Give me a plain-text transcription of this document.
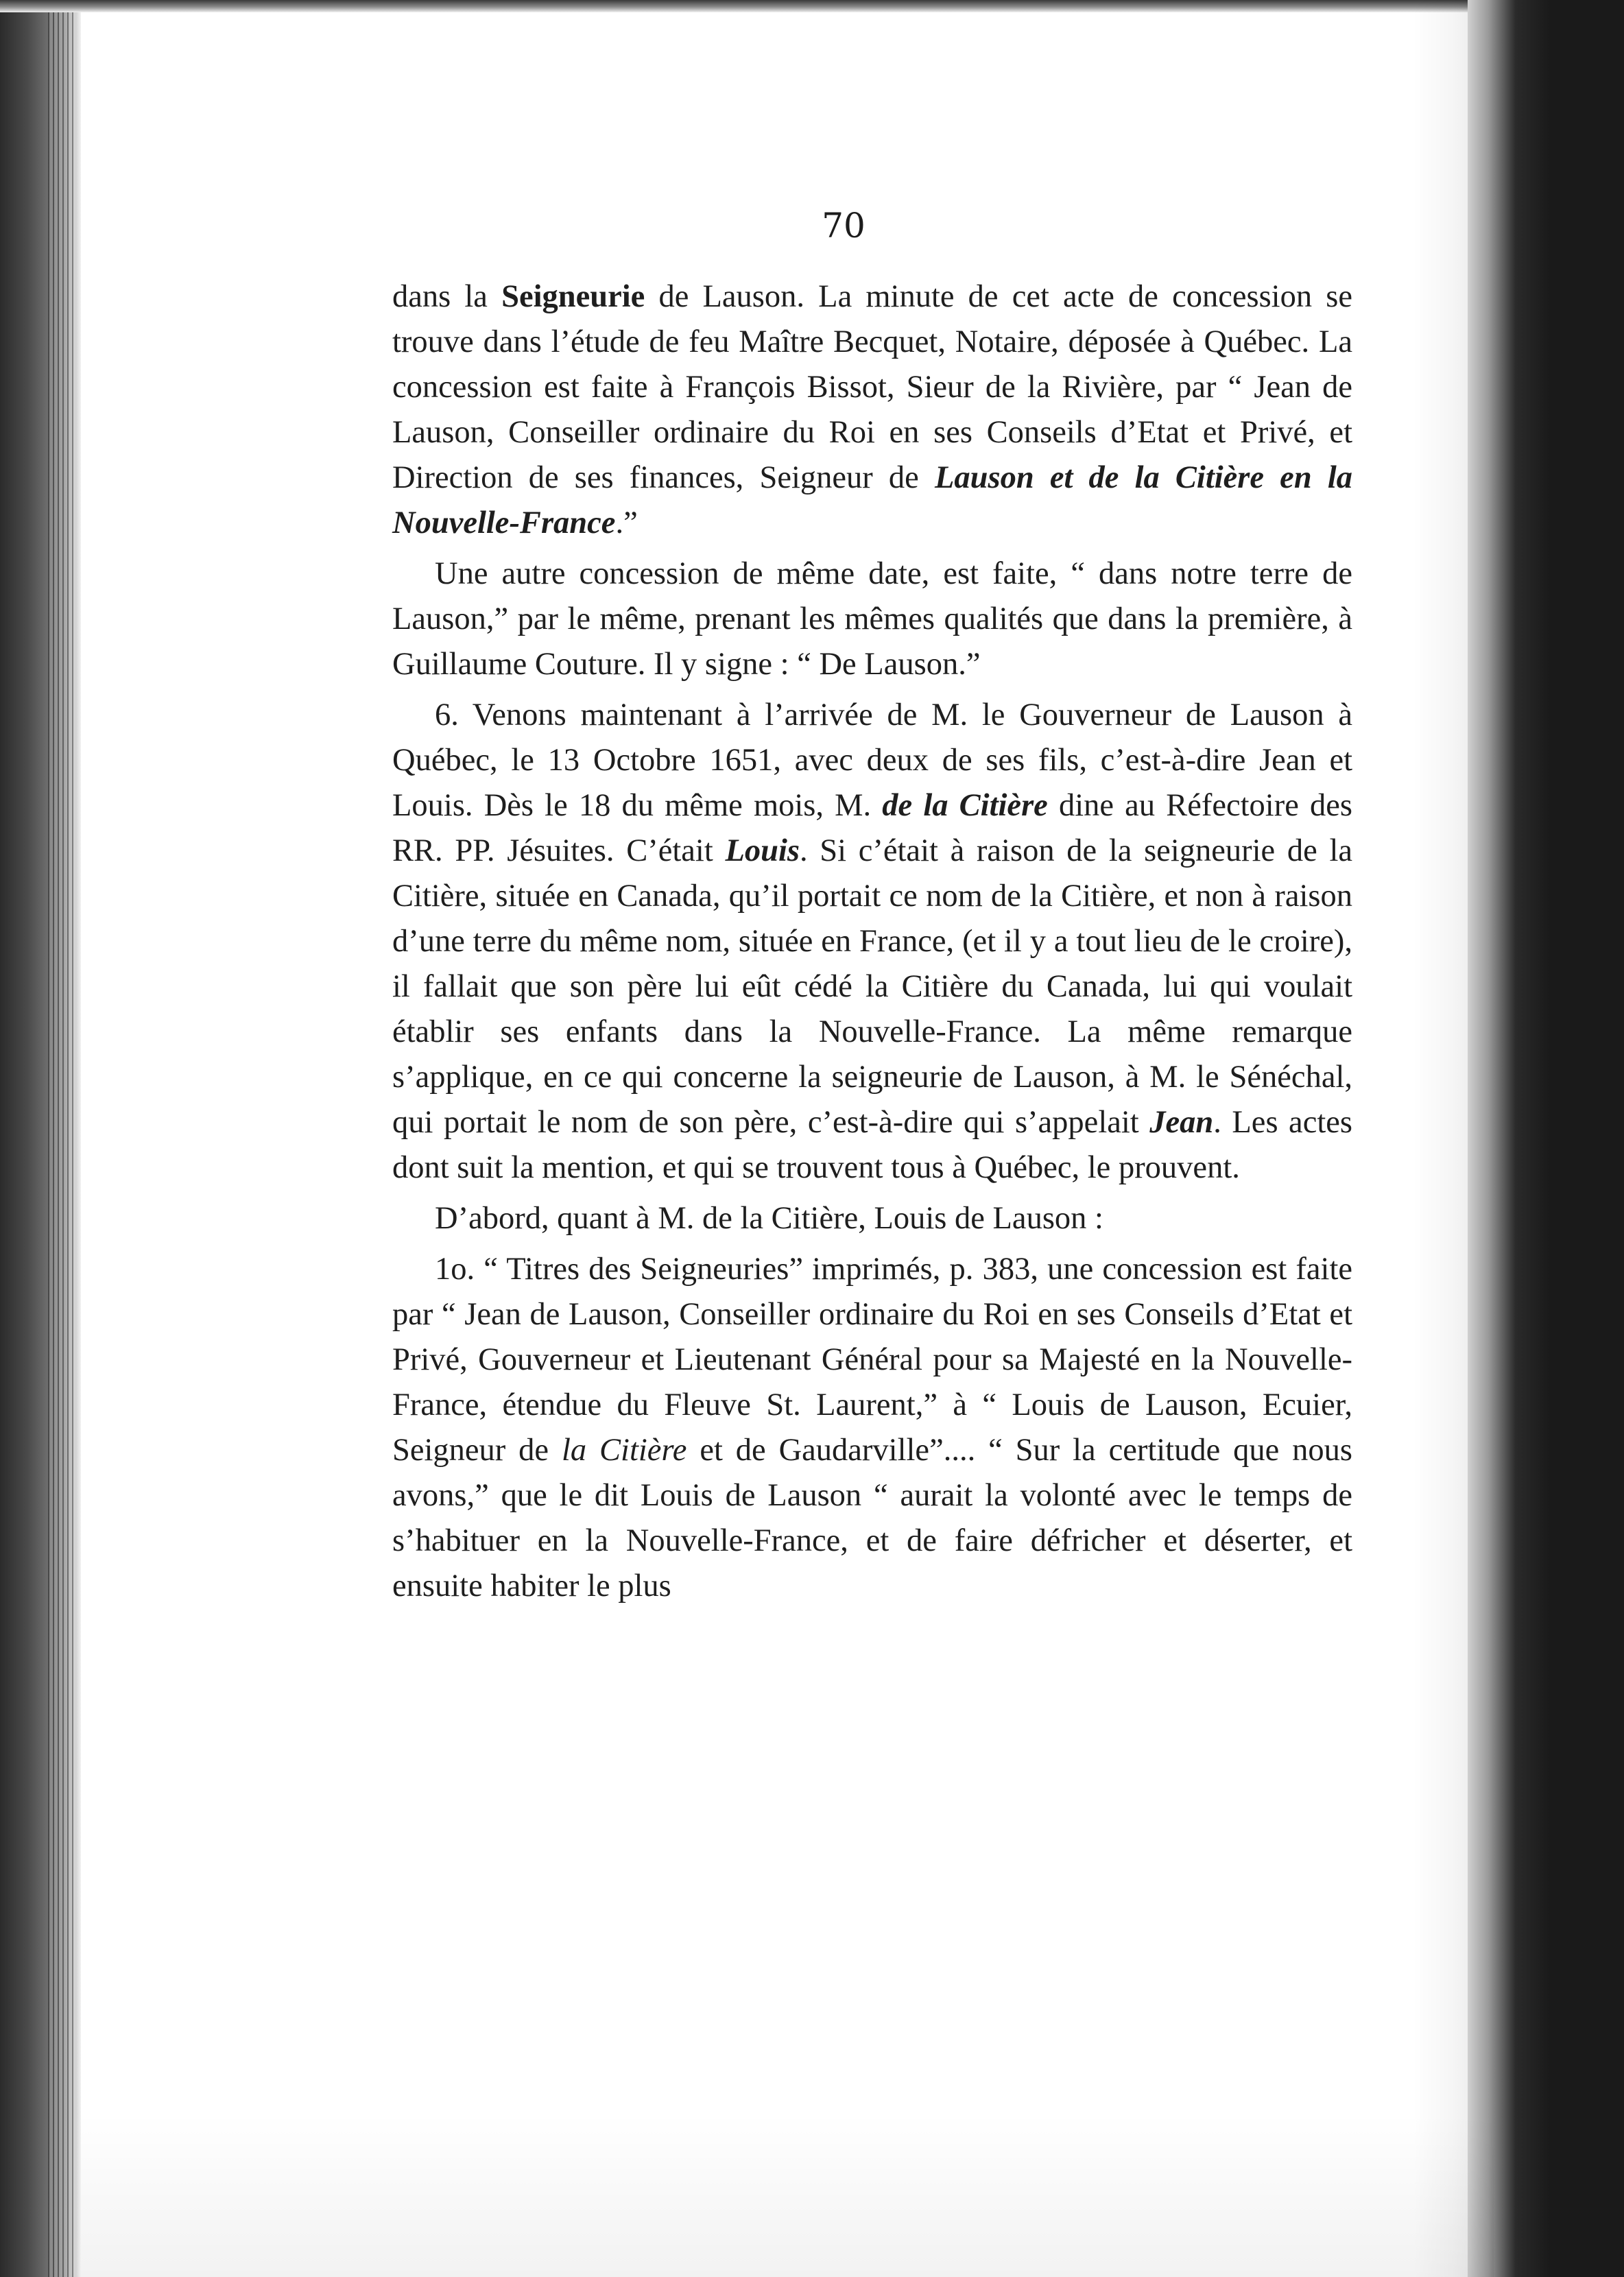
70

dans la Seigneurie de Lauson. La minute de cet acte de concession se trouve dans l’étude de feu Maître Becquet, Notaire, déposée à Québec. La concession est faite à François Bissot, Sieur de la Rivière, par “ Jean de Lauson, Conseiller ordinaire du Roi en ses Conseils d’Etat et Privé, et Direction de ses finances, Seigneur de Lauson et de la Citière en la Nouvelle-France.”

Une autre concession de même date, est faite, “ dans notre terre de Lauson,” par le même, prenant les mêmes qualités que dans la première, à Guillaume Couture. Il y signe : “ De Lauson.”

6. Venons maintenant à l’arrivée de M. le Gouverneur de Lauson à Québec, le 13 Octobre 1651, avec deux de ses fils, c’est-à-dire Jean et Louis. Dès le 18 du même mois, M. de la Citière dine au Réfectoire des RR. PP. Jésuites. C’était Louis. Si c’était à raison de la seigneurie de la Citière, située en Canada, qu’il portait ce nom de la Citière, et non à raison d’une terre du même nom, située en France, (et il y a tout lieu de le croire), il fallait que son père lui eût cédé la Citière du Canada, lui qui voulait établir ses enfants dans la Nouvelle-France. La même remarque s’applique, en ce qui concerne la seigneurie de Lauson, à M. le Sénéchal, qui portait le nom de son père, c’est-à-dire qui s’appelait Jean. Les actes dont suit la mention, et qui se trouvent tous à Québec, le prouvent.

D’abord, quant à M. de la Citière, Louis de Lauson :

1o. “ Titres des Seigneuries” imprimés, p. 383, une concession est faite par “ Jean de Lauson, Conseiller ordinaire du Roi en ses Conseils d’Etat et Privé, Gouverneur et Lieutenant Général pour sa Majesté en la Nouvelle-France, étendue du Fleuve St. Laurent,” à “ Louis de Lauson, Ecuier, Seigneur de la Citière et de Gaudarville”.... “ Sur la certitude que nous avons,” que le dit Louis de Lauson “ aurait la volonté avec le temps de s’habituer en la Nouvelle-France, et de faire défricher et déserter, et ensuite habiter le plus
